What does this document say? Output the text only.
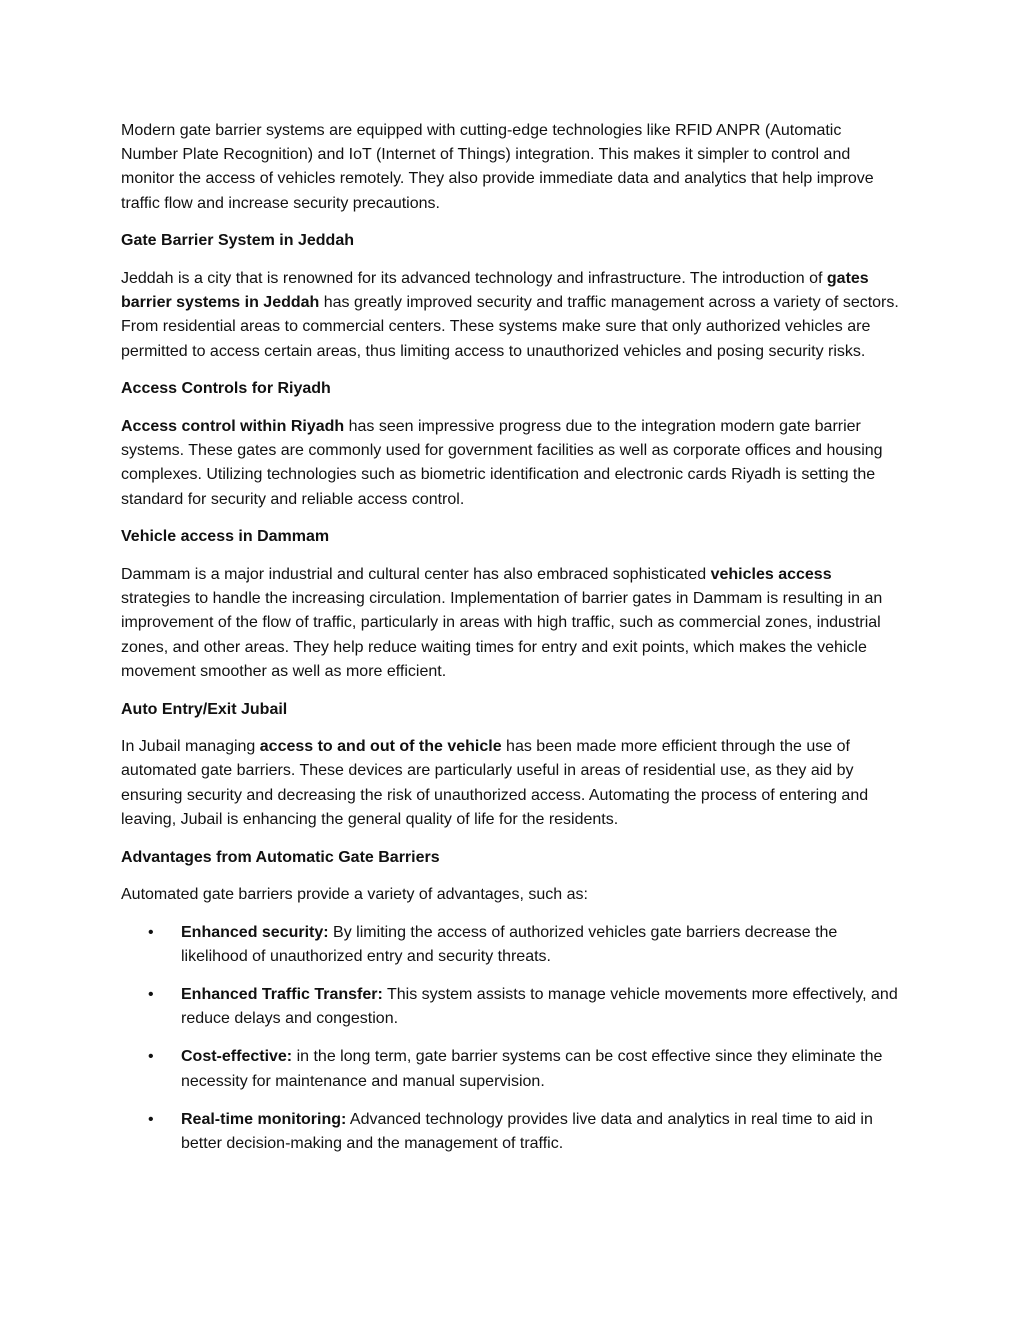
Modern gate barrier systems are equipped with cutting-edge technologies like RFID ANPR (Automatic Number Plate Recognition) and IoT (Internet of Things) integration. This makes it simpler to control and monitor the access of vehicles remotely. They also provide immediate data and analytics that help improve traffic flow and increase security precautions.

Gate Barrier System in Jeddah

Jeddah is a city that is renowned for its advanced technology and infrastructure. The introduction of gates barrier systems in Jeddah has greatly improved security and traffic management across a variety of sectors. From residential areas to commercial centers. These systems make sure that only authorized vehicles are permitted to access certain areas, thus limiting access to unauthorized vehicles and posing security risks.

Access Controls for Riyadh

Access control within Riyadh has seen impressive progress due to the integration modern gate barrier systems. These gates are commonly used for government facilities as well as corporate offices and housing complexes. Utilizing technologies such as biometric identification and electronic cards Riyadh is setting the standard for security and reliable access control.

Vehicle access in Dammam

Dammam is a major industrial and cultural center has also embraced sophisticated vehicles access strategies to handle the increasing circulation. Implementation of barrier gates in Dammam is resulting in an improvement of the flow of traffic, particularly in areas with high traffic, such as commercial zones, industrial zones, and other areas. They help reduce waiting times for entry and exit points, which makes the vehicle movement smoother as well as more efficient.

Auto Entry/Exit Jubail

In Jubail managing access to and out of the vehicle has been made more efficient through the use of automated gate barriers. These devices are particularly useful in areas of residential use, as they aid by ensuring security and decreasing the risk of unauthorized access. Automating the process of entering and leaving, Jubail is enhancing the general quality of life for the residents.

Advantages from Automatic Gate Barriers

Automated gate barriers provide a variety of advantages, such as:

• Enhanced security: By limiting the access of authorized vehicles gate barriers decrease the likelihood of unauthorized entry and security threats.
• Enhanced Traffic Transfer: This system assists to manage vehicle movements more effectively, and reduce delays and congestion.
• Cost-effective: in the long term, gate barrier systems can be cost effective since they eliminate the necessity for maintenance and manual supervision.
• Real-time monitoring: Advanced technology provides live data and analytics in real time to aid in better decision-making and the management of traffic.
